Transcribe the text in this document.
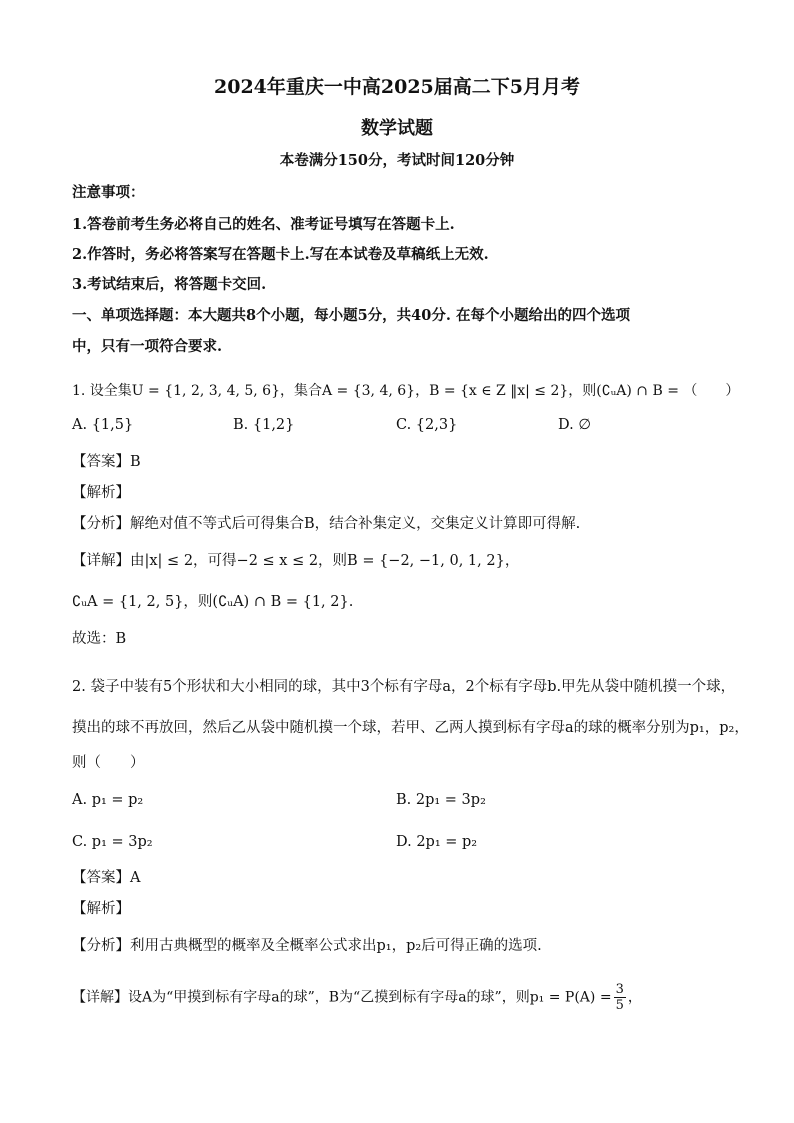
2024年重庆一中高2025届高二下5月月考
数学试题
本卷满分150分，考试时间120分钟
注意事项：
1.答卷前考生务必将自己的姓名、准考证号填写在答题卡上.
2.作答时，务必将答案写在答题卡上.写在本试卷及草稿纸上无效.
3.考试结束后，将答题卡交回.
一、单项选择题：本大题共8个小题，每小题5分，共40分. 在每个小题给出的四个选项
中，只有一项符合要求.
1. 设全集U = {1, 2, 3, 4, 5, 6}，集合A = {3, 4, 6}，B = {x ∈ Z ‖x| ≤ 2}，则(∁ᵤA) ∩ B = （　　）
A. {1,5}	B. {1,2}	C. {2,3}	D. ∅
【答案】B
【解析】
【分析】解绝对值不等式后可得集合B，结合补集定义，交集定义计算即可得解.
【详解】由|x| ≤ 2，可得−2 ≤ x ≤ 2，则B = {−2, −1, 0, 1, 2}，
∁ᵤA = {1, 2, 5}，则(∁ᵤA) ∩ B = {1, 2}.
故选：B
2. 袋子中装有5个形状和大小相同的球，其中3个标有字母a，2个标有字母b.甲先从袋中随机摸一个球，
摸出的球不再放回，然后乙从袋中随机摸一个球，若甲、乙两人摸到标有字母a的球的概率分别为p₁，p₂，
则（　　）
A. p₁ = p₂	B. 2p₁ = 3p₂
C. p₁ = 3p₂	D. 2p₁ = p₂
【答案】A
【解析】
【分析】利用古典概型的概率及全概率公式求出p₁，p₂后可得正确的选项.
【详解】设A为“甲摸到标有字母a的球”，B为“乙摸到标有字母a的球”，则$p_1 = P(A) = \frac{3}{5}$ ，
